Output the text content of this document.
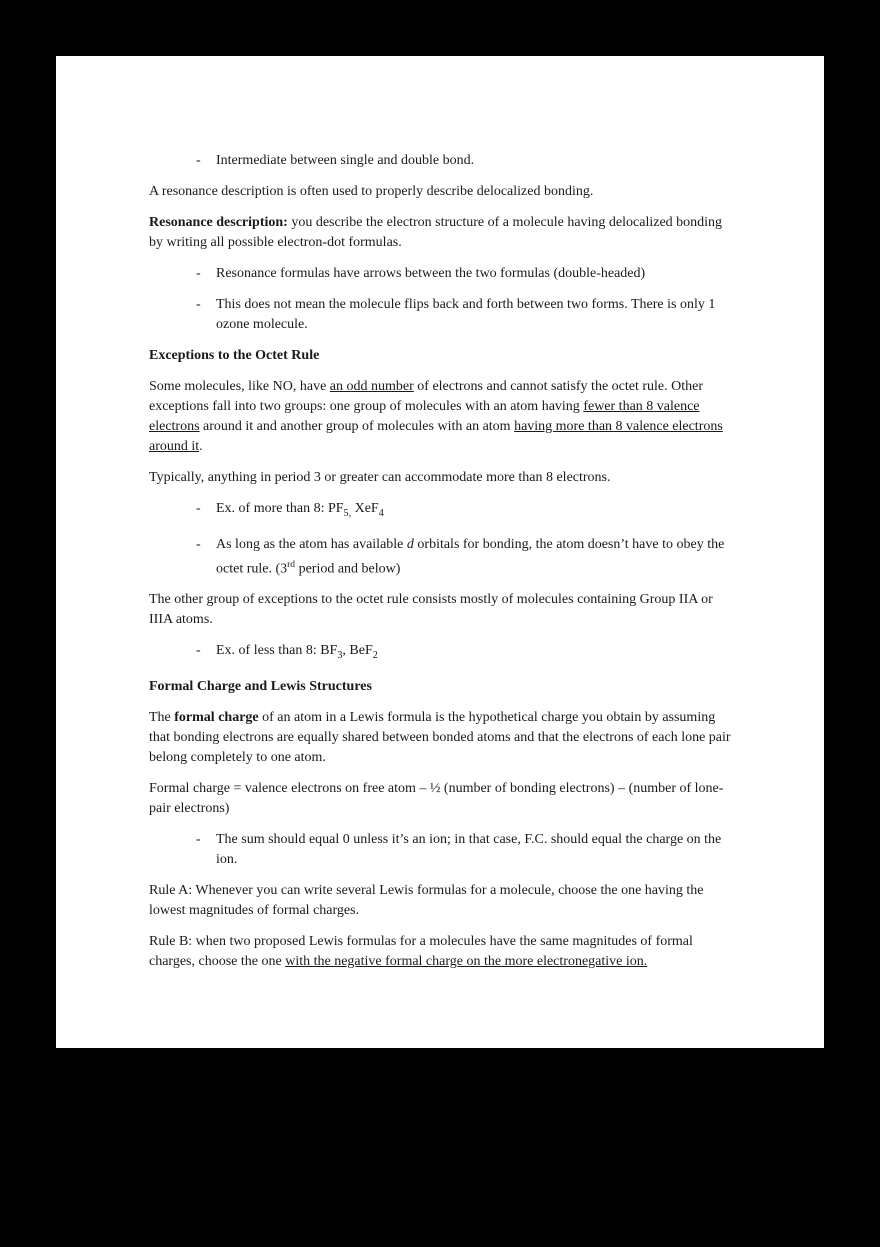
-	Intermediate between single and double bond.

A resonance description is often used to properly describe delocalized bonding.

Resonance description: you describe the electron structure of a molecule having delocalized bonding by writing all possible electron-dot formulas.

-	Resonance formulas have arrows between the two formulas (double-headed)
-	This does not mean the molecule flips back and forth between two forms. There is only 1 ozone molecule.

Exceptions to the Octet Rule

Some molecules, like NO, have an odd number of electrons and cannot satisfy the octet rule. Other exceptions fall into two groups: one group of molecules with an atom having fewer than 8 valence electrons around it and another group of molecules with an atom having more than 8 valence electrons around it.

Typically, anything in period 3 or greater can accommodate more than 8 electrons.

-	Ex. of more than 8: $PF_{5,}$ XeF$_4$
-	As long as the atom has available d orbitals for bonding, the atom doesn’t have to obey the octet rule. (3rd period and below)

The other group of exceptions to the octet rule consists mostly of molecules containing Group IIA or IIIA atoms.

-	Ex. of less than 8: $BF_3$, BeF$_2$

Formal Charge and Lewis Structures

The formal charge of an atom in a Lewis formula is the hypothetical charge you obtain by assuming that bonding electrons are equally shared between bonded atoms and that the electrons of each lone pair belong completely to one atom.

Formal charge = valence electrons on free atom – ½ (number of bonding electrons) – (number of lone-pair electrons)

-	The sum should equal 0 unless it’s an ion; in that case, F.C. should equal the charge on the ion.

Rule A: Whenever you can write several Lewis formulas for a molecule, choose the one having the lowest magnitudes of formal charges.

Rule B: when two proposed Lewis formulas for a molecules have the same magnitudes of formal charges, choose the one with the negative formal charge on the more electronegative ion.
